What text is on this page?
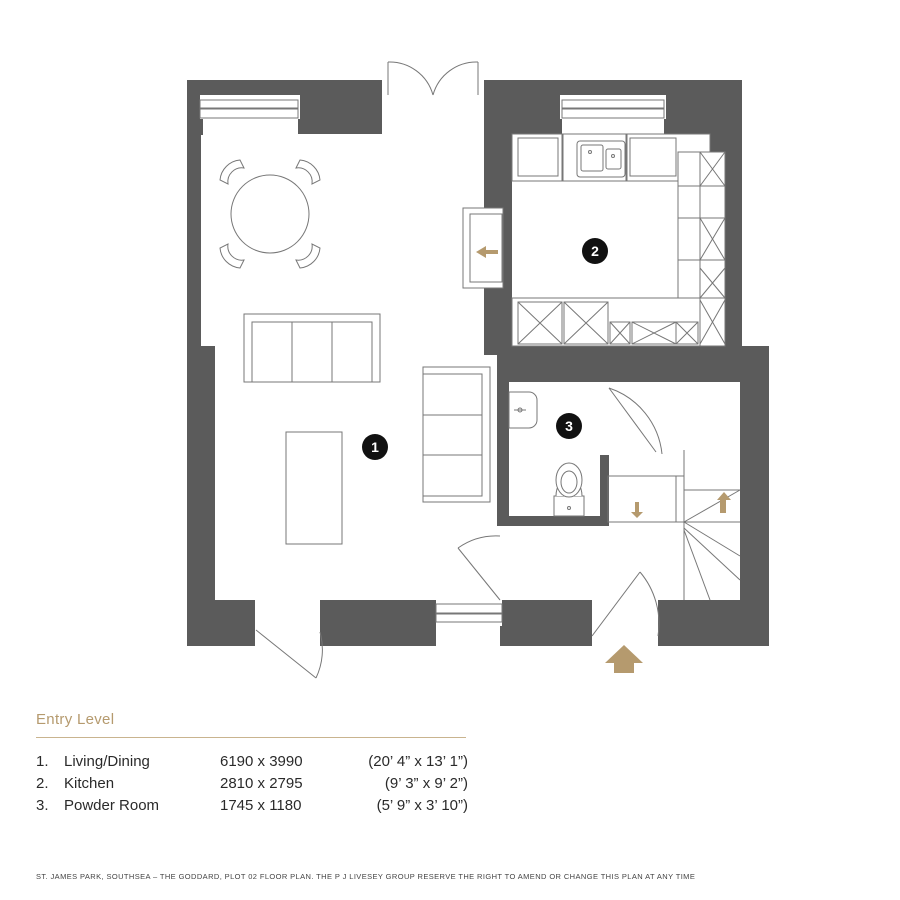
1
2
3
Entry Level
1. Living/Dining	6190 x 3990	(20’ 4” x 13’ 1”)
2. Kitchen	2810 x 2795	(9’ 3” x 9’ 2”)
3. Powder Room	1745 x 1180	(5’ 9” x 3’ 10”)
ST. JAMES PARK, SOUTHSEA – THE GODDARD, PLOT 02 FLOOR PLAN. THE P J LIVESEY GROUP RESERVE THE RIGHT TO AMEND OR CHANGE THIS PLAN AT ANY TIME
